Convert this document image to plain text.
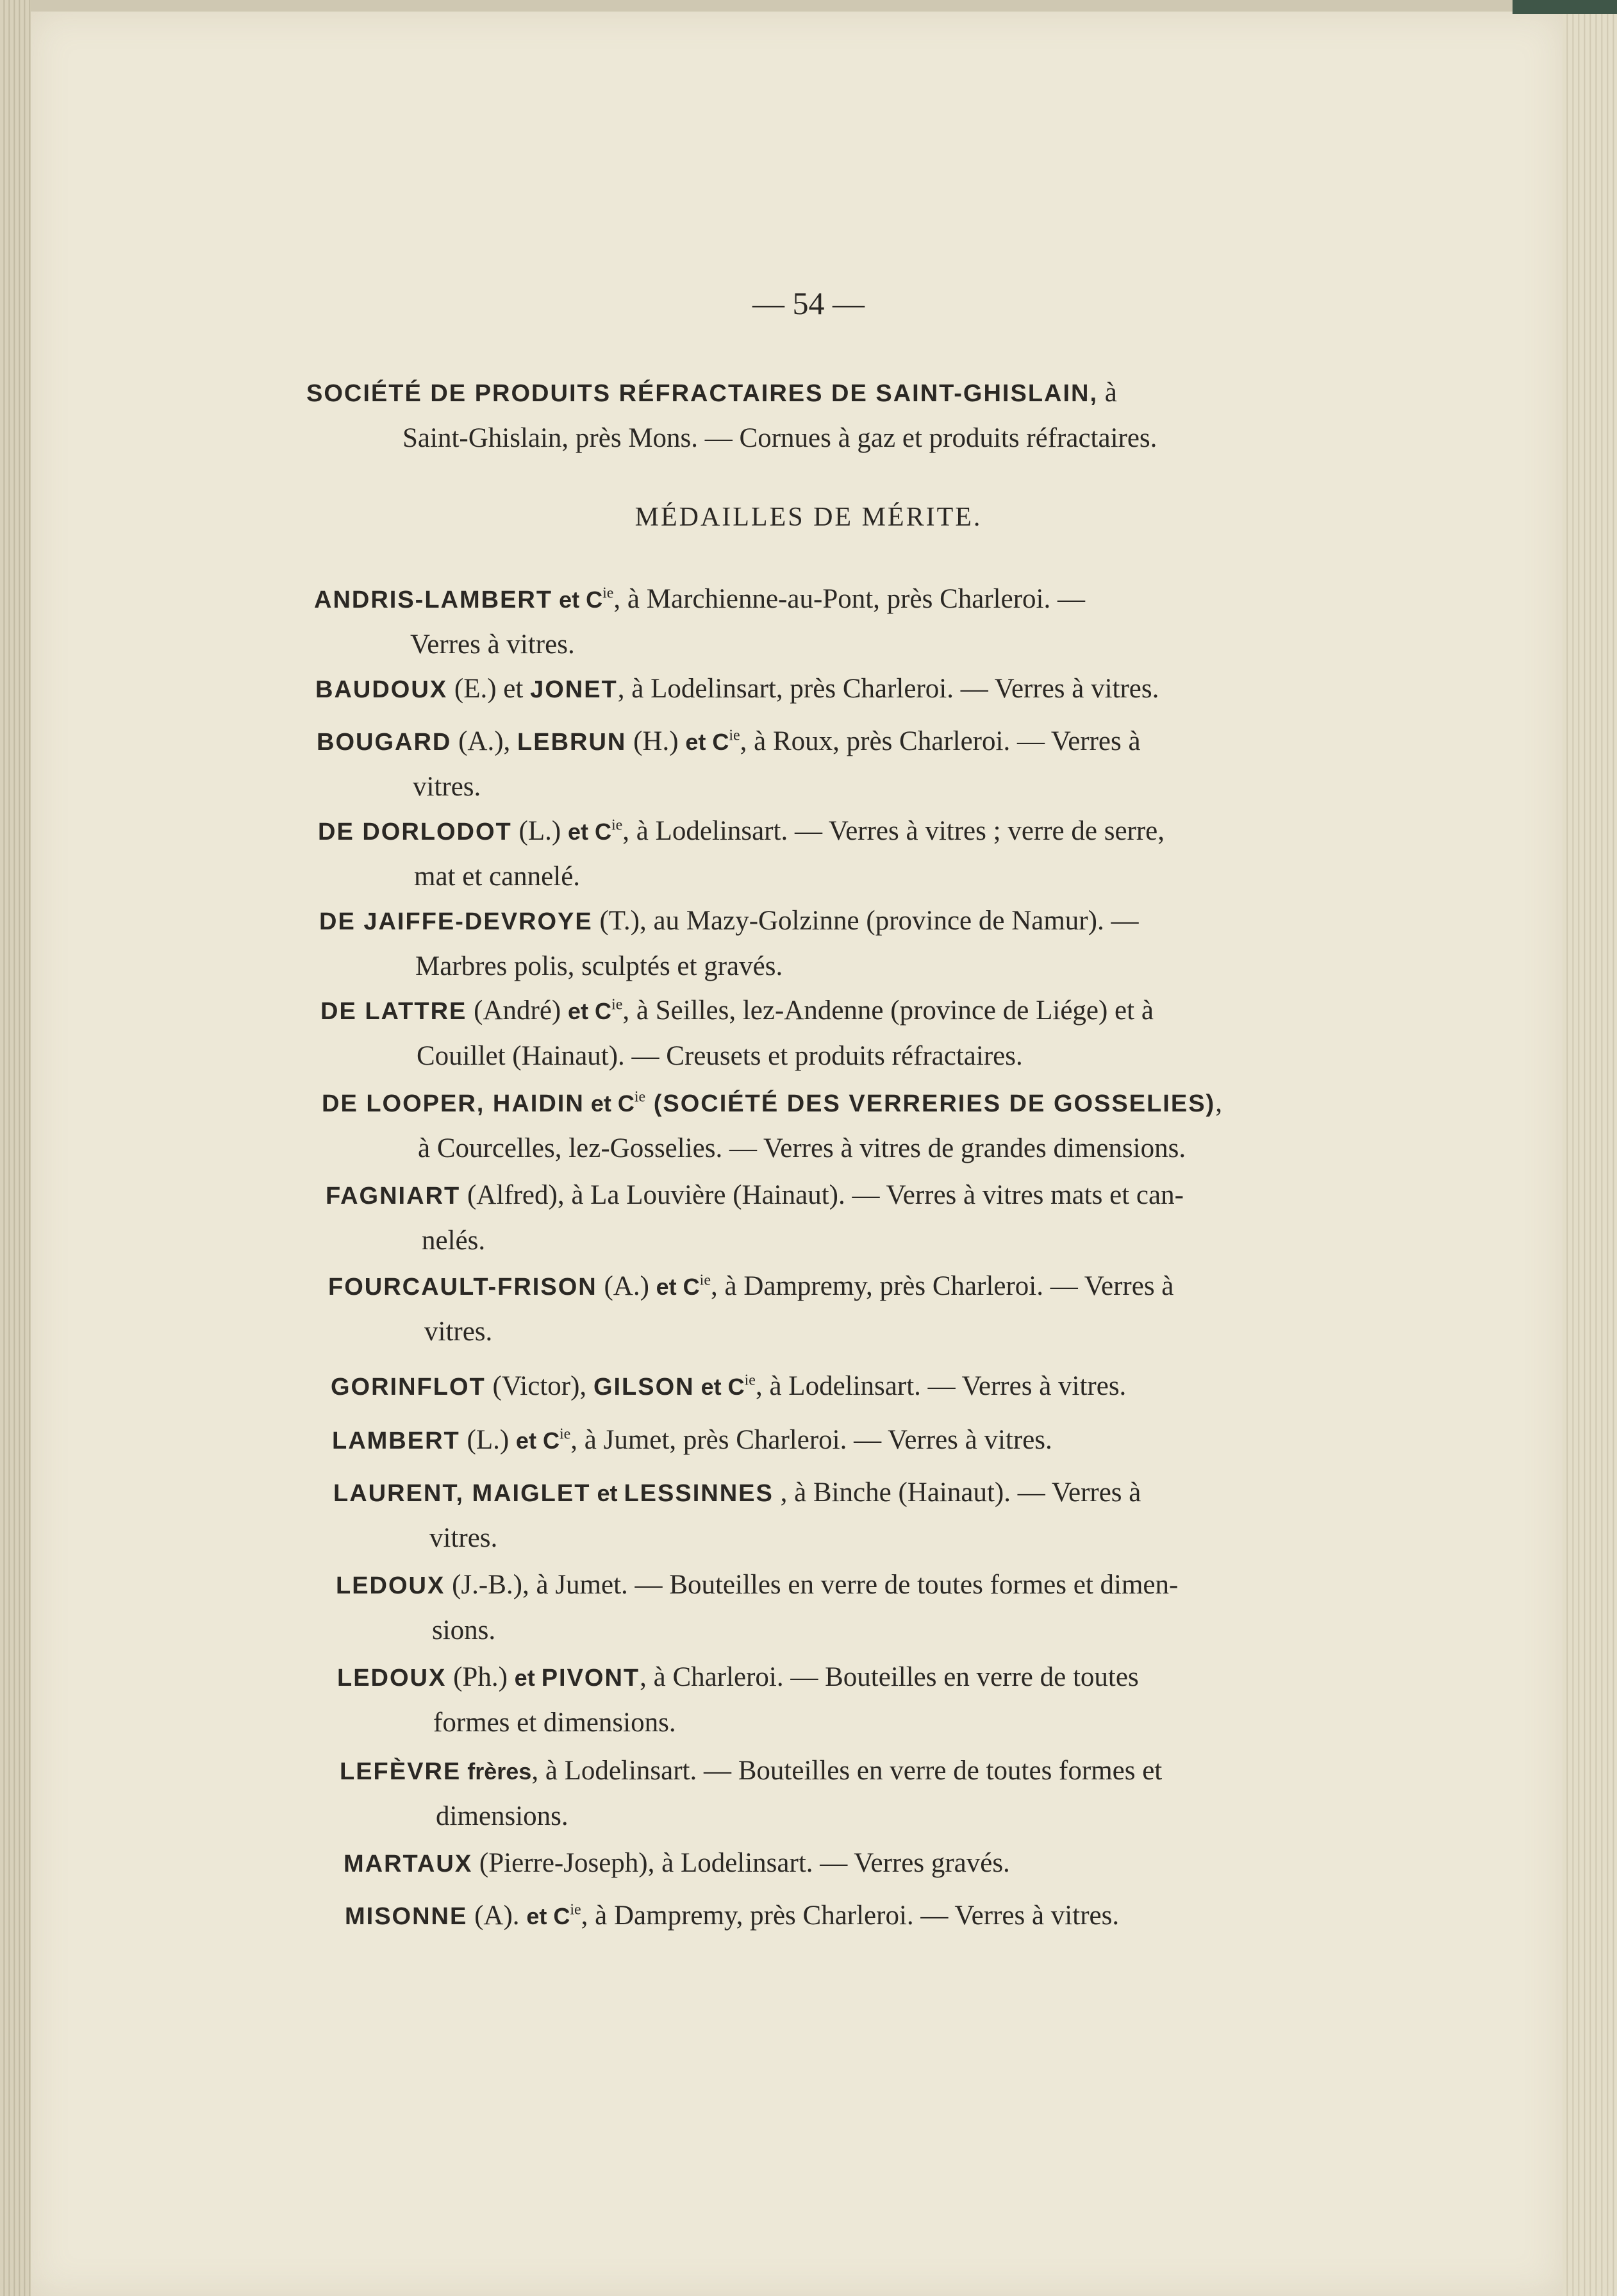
— 54 —

SOCIÉTÉ DE PRODUITS RÉFRACTAIRES DE SAINT-GHISLAIN, à
Saint-Ghislain, près Mons. — Cornues à gaz et produits réfractaires.

MÉDAILLES DE MÉRITE.

ANDRIS-LAMBERT et $C^{ie}$, à Marchienne-au-Pont, près Charleroi. —
Verres à vitres.

BAUDOUX (E.) et JONET, à Lodelinsart, près Charleroi. — Verres à vitres.

BOUGARD (A.), LEBRUN (H.) et $C^{ie}$, à Roux, près Charleroi. — Verres à
vitres.

DE DORLODOT (L.) et $C^{ie}$, à Lodelinsart. — Verres à vitres ; verre de serre,
mat et cannelé.

DE JAIFFE-DEVROYE (T.), au Mazy-Golzinne (province de Namur). —
Marbres polis, sculptés et gravés.

DE LATTRE (André) et $C^{ie}$, à Seilles, lez-Andenne (province de Liége) et à
Couillet (Hainaut). — Creusets et produits réfractaires.

DE LOOPER, HAIDIN et $C^{ie}$ (SOCIÉTÉ DES VERRERIES DE GOSSELIES),
à Courcelles, lez-Gosselies. — Verres à vitres de grandes dimensions.

FAGNIART (Alfred), à La Louvière (Hainaut). — Verres à vitres mats et can-
nelés.

FOURCAULT-FRISON (A.) et $C^{ie}$, à Dampremy, près Charleroi. — Verres à
vitres.

GORINFLOT (Victor), GILSON et $C^{ie}$, à Lodelinsart. — Verres à vitres.

LAMBERT (L.) et $C^{ie}$, à Jumet, près Charleroi. — Verres à vitres.

LAURENT, MAIGLET et LESSINNES , à Binche (Hainaut). — Verres à
vitres.

LEDOUX (J.-B.), à Jumet. — Bouteilles en verre de toutes formes et dimen-
sions.

LEDOUX (Ph.) et PIVONT, à Charleroi. — Bouteilles en verre de toutes
formes et dimensions.

LEFÈVRE frères, à Lodelinsart. — Bouteilles en verre de toutes formes et
dimensions.

MARTAUX (Pierre-Joseph), à Lodelinsart. — Verres gravés.

MISONNE (A). et $C^{ie}$, à Dampremy, près Charleroi. — Verres à vitres.
